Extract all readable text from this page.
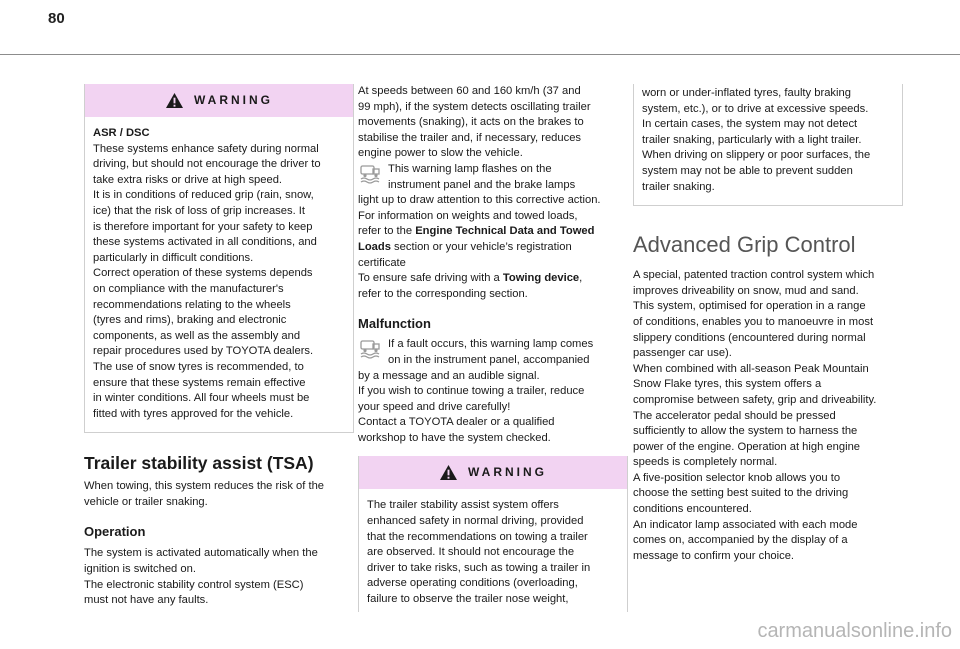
80
WARNING

ASR / DSC

These systems enhance safety during normal
driving, but should not encourage the driver to
take extra risks or drive at high speed.
It is in conditions of reduced grip (rain, snow,
ice) that the risk of loss of grip increases. It
is therefore important for your safety to keep
these systems activated in all conditions, and
particularly in difficult conditions.
Correct operation of these systems depends
on compliance with the manufacturer's
recommendations relating to the wheels
(tyres and rims), braking and electronic
components, as well as the assembly and
repair procedures used by TOYOTA dealers.
The use of snow tyres is recommended, to
ensure that these systems remain effective
in winter conditions. All four wheels must be
fitted with tyres approved for the vehicle.
Trailer stability assist (TSA)
When towing, this system reduces the risk of the
vehicle or trailer snaking.
Operation
The system is activated automatically when the
ignition is switched on.
The electronic stability control system (ESC)
must not have any faults.
At speeds between 60 and 160 km/h (37 and
99 mph), if the system detects oscillating trailer
movements (snaking), it acts on the brakes to
stabilise the trailer and, if necessary, reduces
engine power to slow the vehicle.
This warning lamp flashes on the
instrument panel and the brake lamps
light up to draw attention to this corrective action.
For information on weights and towed loads,

refer to the Engine Technical Data and Towed

Loads section or your vehicle’s registration

certificate

To ensure safe driving with a Towing device,

refer to the corresponding section.

Malfunction
If a fault occurs, this warning lamp comes
on in the instrument panel, accompanied
by a message and an audible signal.
If you wish to continue towing a trailer, reduce
your speed and drive carefully!
Contact a TOYOTA dealer or a qualified
workshop to have the system checked.
WARNING
The trailer stability assist system offers
enhanced safety in normal driving, provided
that the recommendations on towing a trailer
are observed. It should not encourage the
driver to take risks, such as towing a trailer in
adverse operating conditions (overloading,
failure to observe the trailer nose weight,
worn or under-inflated tyres, faulty braking
system, etc.), or to drive at excessive speeds.
In certain cases, the system may not detect
trailer snaking, particularly with a light trailer.
When driving on slippery or poor surfaces, the
system may not be able to prevent sudden
trailer snaking.
Advanced Grip Control
A special, patented traction control system which
improves driveability on snow, mud and sand.
This system, optimised for operation in a range
of conditions, enables you to manoeuvre in most
slippery conditions (encountered during normal
passenger car use).
When combined with all-season Peak Mountain
Snow Flake tyres, this system offers a
compromise between safety, grip and driveability.
The accelerator pedal should be pressed
sufficiently to allow the system to harness the
power of the engine. Operation at high engine
speeds is completely normal.
A five-position selector knob allows you to
choose the setting best suited to the driving
conditions encountered.
An indicator lamp associated with each mode
comes on, accompanied by the display of a
message to confirm your choice.
carmanualsonline.info
